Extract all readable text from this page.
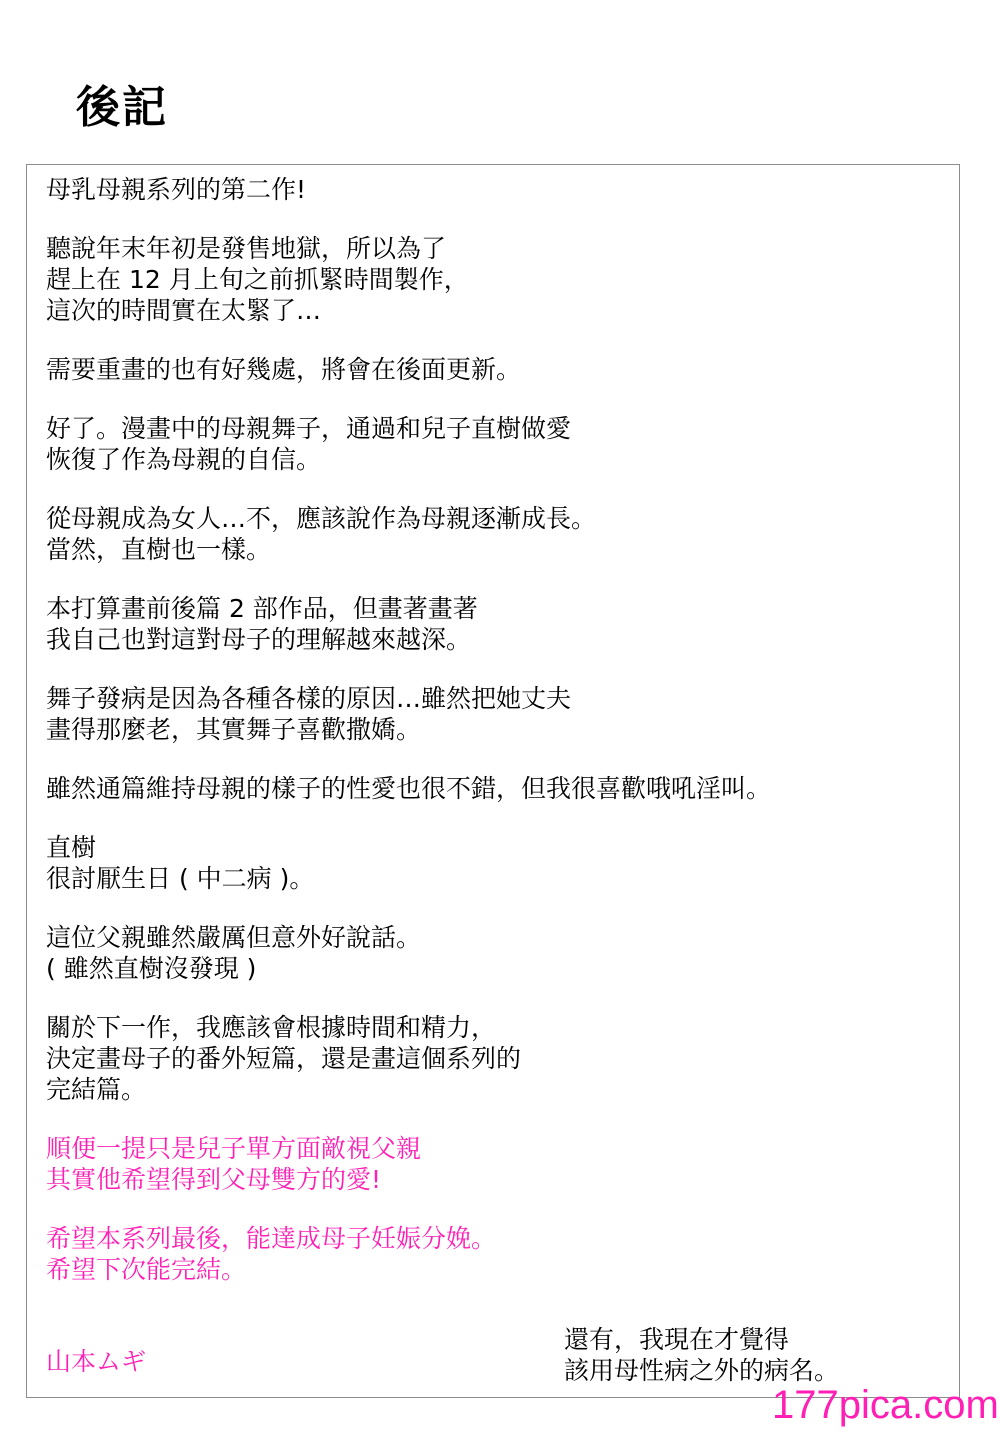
後記
母乳母親系列的第二作!
聽說年末年初是發售地獄，所以為了
趕上在 12 月上旬之前抓緊時間製作，
這次的時間實在太緊了…
需要重畫的也有好幾處，將會在後面更新。
好了。漫畫中的母親舞子，通過和兒子直樹做愛
恢復了作為母親的自信。
從母親成為女人…不，應該說作為母親逐漸成長。
當然，直樹也一樣。
本打算畫前後篇 2 部作品，但畫著畫著
我自己也對這對母子的理解越來越深。
舞子發病是因為各種各樣的原因…雖然把她丈夫
畫得那麼老，其實舞子喜歡撒嬌。
雖然通篇維持母親的樣子的性愛也很不錯，但我很喜歡哦吼淫叫。
直樹
很討厭生日 ( 中二病 )。
這位父親雖然嚴厲但意外好說話。
( 雖然直樹沒發現 )
關於下一作，我應該會根據時間和精力，
決定畫母子的番外短篇，還是畫這個系列的
完結篇。
順便一提只是兒子單方面敵視父親
其實他希望得到父母雙方的愛!
希望本系列最後，能達成母子妊娠分娩。
希望下次能完結。
山本ムギ
還有，我現在才覺得
該用母性病之外的病名。
177pica.com
